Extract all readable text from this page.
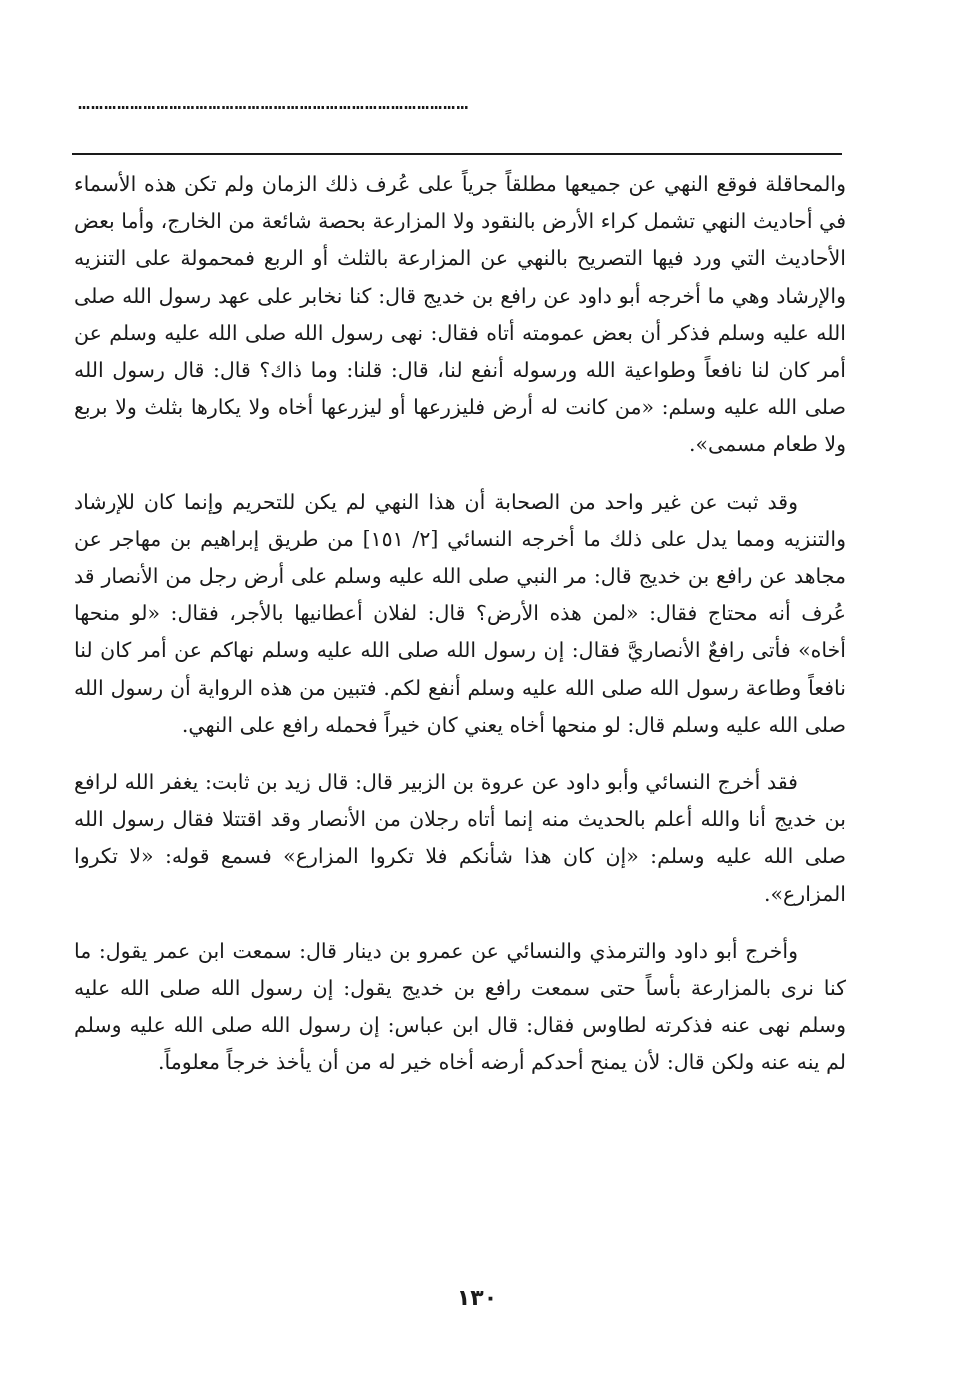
………………………………………………………………………………

والمحاقلة فوقع النهي عن جميعها مطلقاً جرياً على عُرف ذلك الزمان ولم تكن هذه الأسماء في أحاديث النهي تشمل كراء الأرض بالنقود ولا المزارعة بحصة شائعة من الخارج، وأما بعض الأحاديث التي ورد فيها التصريح بالنهي عن المزارعة بالثلث أو الربع فمحمولة على التنزيه والإرشاد وهي ما أخرجه أبو داود عن رافع بن خديج قال: كنا نخابر على عهد رسول الله صلى الله عليه وسلم فذكر أن بعض عمومته أتاه فقال: نهى رسول الله صلى الله عليه وسلم عن أمر كان لنا نافعاً وطواعية الله ورسوله أنفع لنا، قال: قلنا: وما ذاك؟ قال: قال رسول الله صلى الله عليه وسلم: «من كانت له أرض فليزرعها أو ليزرعها أخاه ولا يكارها بثلث ولا بربع ولا طعام مسمى».

وقد ثبت عن غير واحد من الصحابة أن هذا النهي لم يكن للتحريم وإنما كان للإرشاد والتنزيه ومما يدل على ذلك ما أخرجه النسائي [٢/ ١٥١] من طريق إبراهيم بن مهاجر عن مجاهد عن رافع بن خديج قال: مر النبي صلى الله عليه وسلم على أرض رجل من الأنصار قد عُرف أنه محتاج فقال: «لمن هذه الأرض؟ قال: لفلان أعطانيها بالأجر، فقال: «لو منحها أخاه» فأتى رافعٌ الأنصاريَّ فقال: إن رسول الله صلى الله عليه وسلم نهاكم عن أمر كان لنا نافعاً وطاعة رسول الله صلى الله عليه وسلم أنفع لكم. فتبين من هذه الرواية أن رسول الله صلى الله عليه وسلم قال: لو منحها أخاه يعني كان خيراً فحمله رافع على النهي.

فقد أخرج النسائي وأبو داود عن عروة بن الزبير قال: قال زيد بن ثابت: يغفر الله لرافع بن خديج أنا والله أعلم بالحديث منه إنما أتاه رجلان من الأنصار وقد اقتتلا فقال رسول الله صلى الله عليه وسلم: «إن كان هذا شأنكم فلا تكروا المزارع» فسمع قوله: «لا تكروا المزارع».

وأخرج أبو داود والترمذي والنسائي عن عمرو بن دينار قال: سمعت ابن عمر يقول: ما كنا نرى بالمزارعة بأساً حتى سمعت رافع بن خديج يقول: إن رسول الله صلى الله عليه وسلم نهى عنه فذكرته لطاوس فقال: قال ابن عباس: إن رسول الله صلى الله عليه وسلم لم ينه عنه ولكن قال: لأن يمنح أحدكم أرضه أخاه خير له من أن يأخذ خرجاً معلوماً.

١٣٠
